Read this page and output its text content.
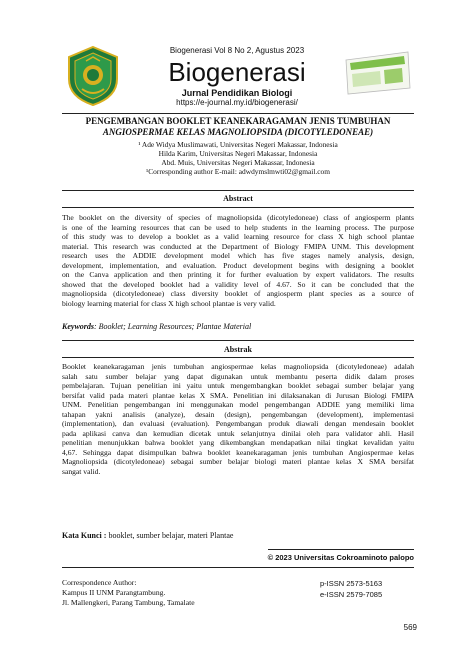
Biogenerasi Vol 8 No 2, Agustus 2023
Biogenerasi
Jurnal Pendidikan Biologi
https://e-journal.my.id/biogenerasi/
PENGEMBANGAN BOOKLET KEANEKARAGAMAN JENIS TUMBUHAN
ANGIOSPERMAE KELAS MAGNOLIOPSIDA (DICOTYLEDONEAE)
¹ Ade Widya Muslimawati, Universitas Negeri Makassar, Indonesia
Hilda Karim, Universitas Negeri Makassar, Indonesia
Abd. Muis, Universitas Negeri Makassar, Indonesia
¹Corresponding author E-mail: adwdymslmwti02@gmail.com
Abstract
The booklet on the diversity of species of magnoliopsida (dicotyledoneae) class of angiosperm plants
is one of the learning resources that can be used to help students in the learning process. The purpose
of this study was to develop a booklet as a valid learning resource for class X high school plantae
material. This research was conducted at the Department of Biology FMIPA UNM. This development
research uses the ADDIE development model which has five stages namely analysis, design,
development, implementation, and evaluation. Product development begins with designing a booklet
on the Canva application and then printing it for further evaluation by expert validators. The results
showed that the developed booklet had a validity level of 4.67. So it can be concluded that the
magnoliopsida (dicotyledoneae) class diversity booklet of angiosperm plant species as a source of
biology learning material for class X high school plantae is very valid.
Keywords: Booklet; Learning Resources; Plantae Material
Abstrak
Booklet keanekaragaman jenis tumbuhan angiospermae kelas magnoliopsida (dicotyledoneae) adalah
salah satu sumber belajar yang dapat digunakan untuk membantu peserta didik dalam proses
pembelajaran. Tujuan penelitian ini yaitu untuk mengembangkan booklet sebagai sumber belajar yang
bersifat valid pada materi plantae kelas X SMA. Penelitian ini dilaksanakan di Jurusan Biologi FMIPA
UNM. Penelitian pengembangan ini menggunakan model pengembangan ADDIE yang memiliki lima
tahapan yakni analisis (analyze), desain (design), pengembangan (development), implementasi
(implementation), dan evaluasi (evaluation). Pengembangan produk diawali dengan mendesain booklet
pada aplikasi canva dan kemudian dicetak untuk selanjutnya dinilai oleh para validator ahli. Hasil
penelitian menunjukkan bahwa booklet yang dikembangkan mendapatkan nilai tingkat kevalidan yaitu
4,67. Sehingga dapat disimpulkan bahwa booklet keanekaragaman jenis tumbuhan Angiospermae kelas
Magnoliopsida (dicotyledoneae) sebagai sumber belajar biologi materi plantae kelas X SMA bersifat
sangat valid.
Kata Kunci : booklet, sumber belajar, materi Plantae
© 2023 Universitas Cokroaminoto palopo

Correspondence Author:

Kampus II UNM Parangtambung.

Jl. Mallengkeri, Parang Tambung, Tamalate

p-ISSN 2573-5163

e-ISSN 2579-7085

569
